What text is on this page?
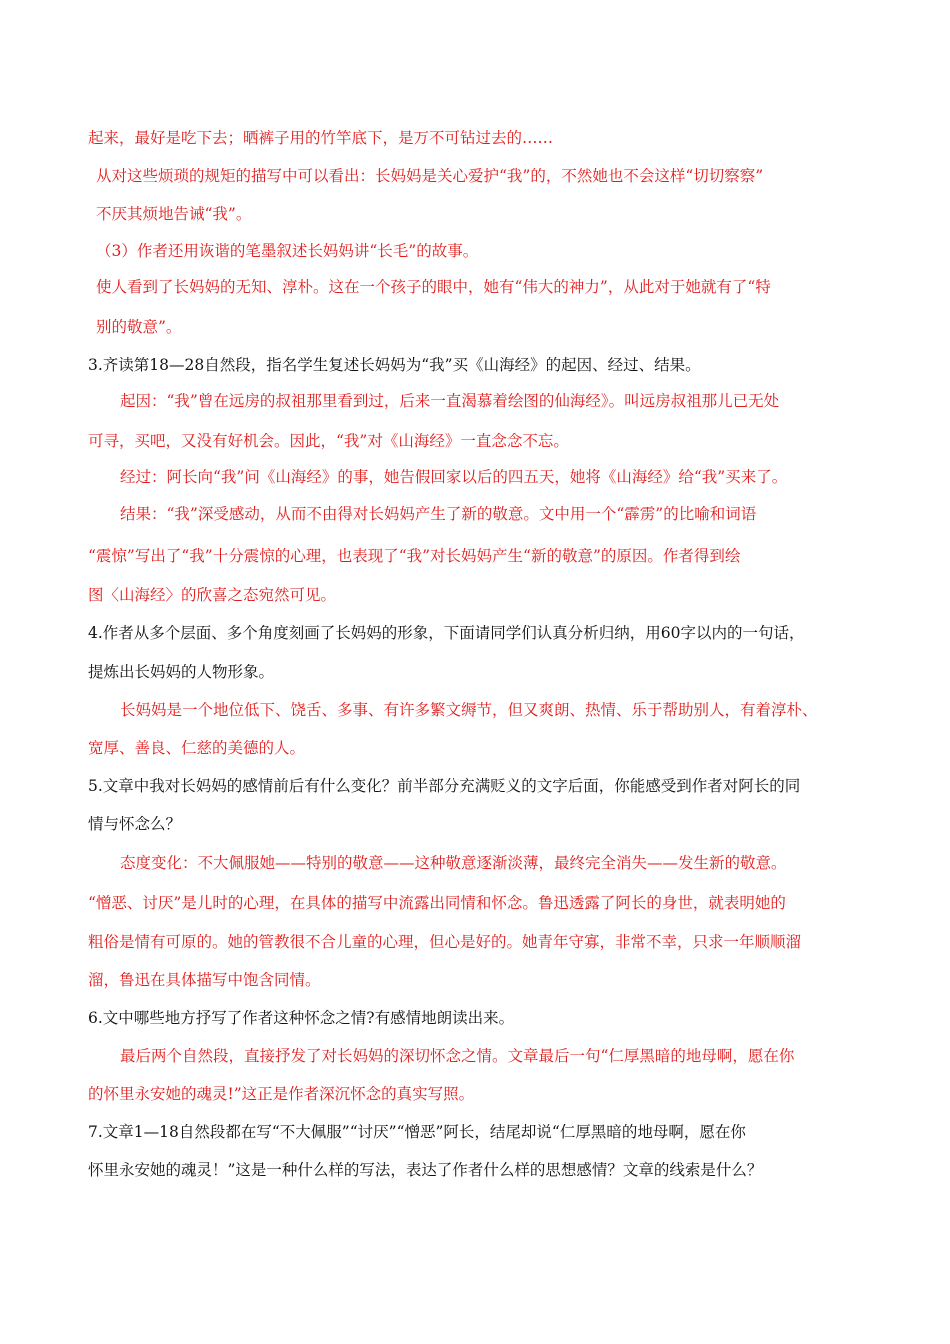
起来，最好是吃下去；晒裤子用的竹竿底下，是万不可钻过去的……
从对这些烦琐的规矩的描写中可以看出：长妈妈是关心爱护“我”的，不然她也不会这样“切切察察”
不厌其烦地告诫“我”。
（3）作者还用诙谐的笔墨叙述长妈妈讲“长毛”的故事。
使人看到了长妈妈的无知、淳朴。这在一个孩子的眼中，她有“伟大的神力”，从此对于她就有了“特
别的敬意”。
3.齐读第18—28自然段，指名学生复述长妈妈为“我”买《山海经》的起因、经过、结果。
起因：“我”曾在远房的叔祖那里看到过，后来一直渴慕着绘图的仙海经》。叫远房叔祖那儿已无处
可寻，买吧，又没有好机会。因此，“我”对《山海经》一直念念不忘。
经过：阿长向“我”问《山海经》的事，她告假回家以后的四五天，她将《山海经》给“我”买来了。
结果：“我”深受感动，从而不由得对长妈妈产生了新的敬意。文中用一个“霹雳”的比喻和词语
“震惊”写出了“我”十分震惊的心理，也表现了“我”对长妈妈产生“新的敬意”的原因。作者得到绘
图〈山海经〉的欣喜之态宛然可见。
4.作者从多个层面、多个角度刻画了长妈妈的形象，下面请同学们认真分析归纳，用60字以内的一句话，
提炼出长妈妈的人物形象。
长妈妈是一个地位低下、饶舌、多事、有许多繁文缛节，但又爽朗、热情、乐于帮助别人，有着淳朴、
宽厚、善良、仁慈的美德的人。
5.文章中我对长妈妈的感情前后有什么变化？前半部分充满贬义的文字后面，你能感受到作者对阿长的同
情与怀念么？
态度变化：不大佩服她——特别的敬意——这种敬意逐渐淡薄，最终完全消失——发生新的敬意。
“憎恶、讨厌”是儿时的心理，在具体的描写中流露出同情和怀念。鲁迅透露了阿长的身世，就表明她的
粗俗是情有可原的。她的管教很不合儿童的心理，但心是好的。她青年守寡，非常不幸，只求一年顺顺溜
溜，鲁迅在具体描写中饱含同情。
6.文中哪些地方抒写了作者这种怀念之情?有感情地朗读出来。
最后两个自然段，直接抒发了对长妈妈的深切怀念之情。文章最后一句“仁厚黑暗的地母啊，愿在你
的怀里永安她的魂灵!”这正是作者深沉怀念的真实写照。
7.文章1—18自然段都在写“不大佩服”“讨厌”“憎恶”阿长，结尾却说“仁厚黑暗的地母啊，愿在你
怀里永安她的魂灵！”这是一种什么样的写法，表达了作者什么样的思想感情？文章的线索是什么？
